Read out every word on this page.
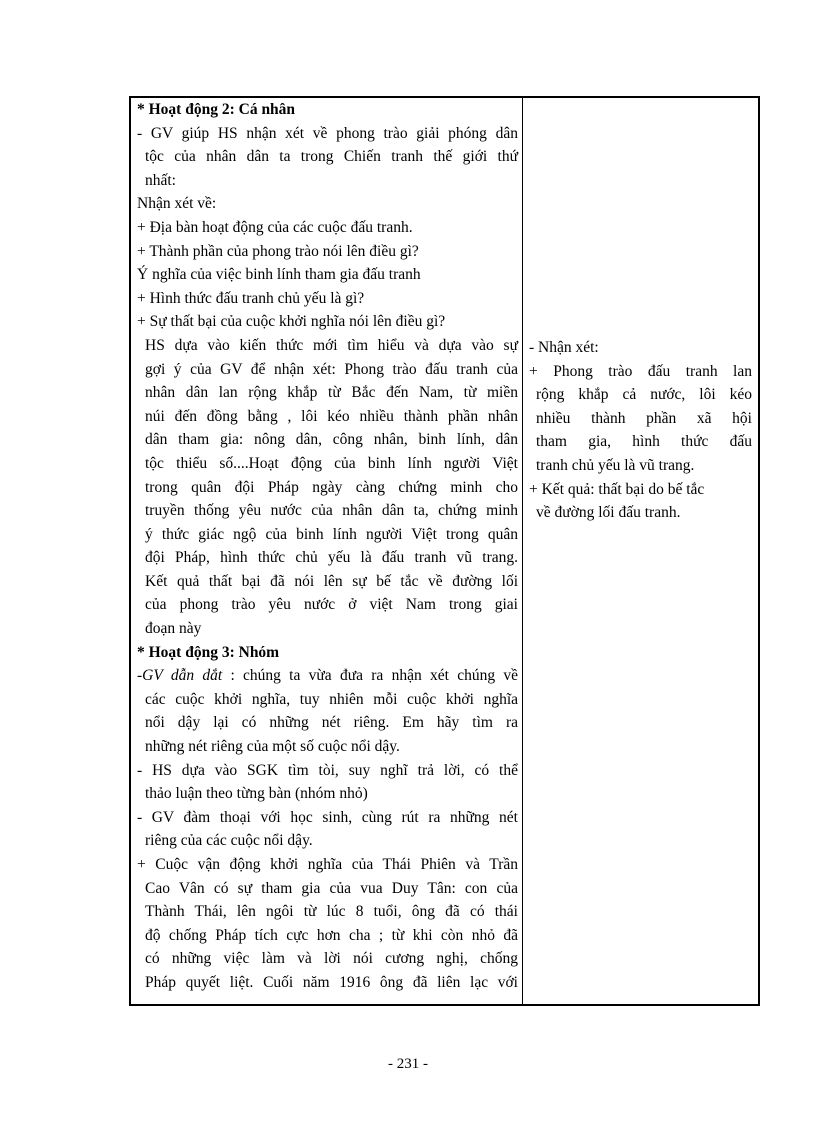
* Hoạt động 2: Cá nhân
- GV giúp HS nhận xét về phong trào giải phóng dân
tộc của nhân dân ta trong Chiến tranh thế giới thứ
nhất:
Nhận xét về:
+ Địa bàn hoạt động của các cuộc đấu tranh.
+ Thành phần của phong trào nói lên điều gì?
Ý nghĩa của việc binh lính tham gia đấu tranh
+ Hình thức đấu tranh chủ yếu là gì?
+ Sự thất bại của cuộc khởi nghĩa nói lên điều gì?
HS dựa vào kiến thức mới tìm hiểu và dựa vào sự
gợi ý của GV để nhận xét: Phong trào đấu tranh của
nhân dân lan rộng khắp từ Bắc đến Nam, từ miền
núi đến đồng bằng , lôi kéo nhiều thành phần nhân
dân tham gia: nông dân, công nhân, binh lính, dân
tộc thiểu số....Hoạt động của binh lính người Việt
trong quân đội Pháp ngày càng chứng minh cho
truyền thống yêu nước của nhân dân ta, chứng minh
ý thức giác ngộ của binh lính người Việt trong quân
đội Pháp, hình thức chủ yếu là đấu tranh vũ trang.
Kết quả thất bại đã nói lên sự bế tắc về đường lối
của phong trào yêu nước ở việt Nam trong giai
đoạn này
* Hoạt động 3: Nhóm
-GV dẫn dắt : chúng ta vừa đưa ra nhận xét chúng về
các cuộc khởi nghĩa, tuy nhiên mỗi cuộc khởi nghĩa
nổi dậy lại có những nét riêng. Em hãy tìm ra
những nét riêng của một số cuộc nổi dậy.
- HS dựa vào SGK tìm tòi, suy nghĩ trả lời, có thể
thảo luận theo từng bàn (nhóm nhỏ)
- GV đàm thoại với học sinh, cùng rút ra những nét
riêng của các cuộc nổi dậy.
+ Cuộc vận động khởi nghĩa của Thái Phiên và Trần
Cao Vân có sự tham gia của vua Duy Tân: con của
Thành Thái, lên ngôi từ lúc 8 tuổi, ông đã có thái
độ chống Pháp tích cực hơn cha ; từ khi còn nhỏ đã
có những việc làm và lời nói cương nghị, chống
Pháp quyết liệt. Cuối năm 1916 ông đã liên lạc với
- Nhận xét:
+ Phong trào đấu tranh lan
rộng khắp cả nước, lôi kéo
nhiều thành phần xã hội
tham gia, hình thức đấu
tranh chủ yếu là vũ trang.
+ Kết quả: thất bại do bế tắc
về đường lối đấu tranh.
- 231 -
